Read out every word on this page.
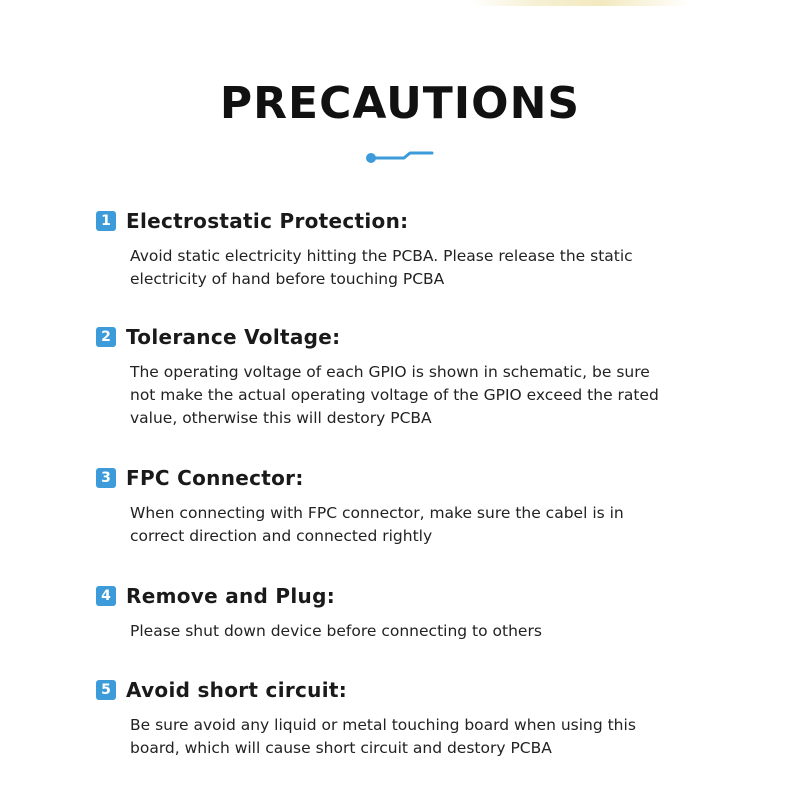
PRECAUTIONS
1 Electrostatic Protection:
Avoid static electricity hitting the PCBA. Please release the static
electricity of hand before touching PCBA
2 Tolerance Voltage:
The operating voltage of each GPIO is shown in schematic, be sure
not make the actual operating voltage of the GPIO exceed the rated
value, otherwise this will destory PCBA
3 FPC Connector:
When connecting with FPC connector, make sure the cabel is in
correct direction and connected rightly
4 Remove and Plug:
Please shut down device before connecting to others
5 Avoid short circuit:
Be sure avoid any liquid or metal touching board when using this
board, which will cause short circuit and destory PCBA
